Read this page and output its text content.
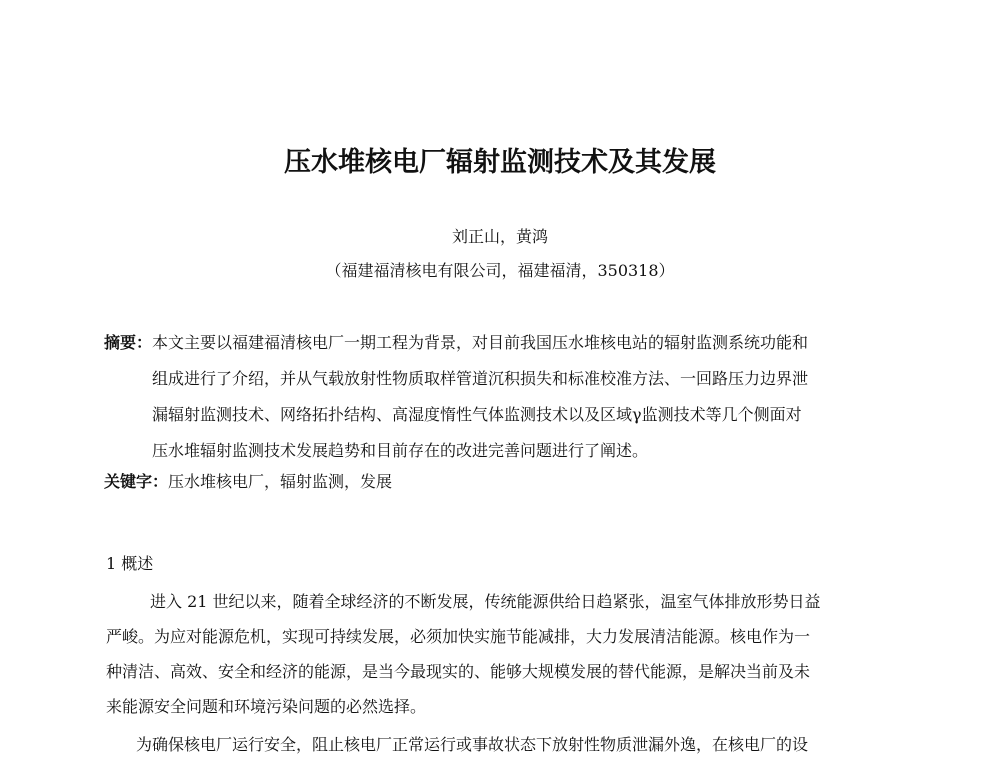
压水堆核电厂辐射监测技术及其发展
刘正山，黄鸿
（福建福清核电有限公司，福建福清，350318）
摘要：本文主要以福建福清核电厂一期工程为背景，对目前我国压水堆核电站的辐射监测系统功能和
组成进行了介绍，并从气载放射性物质取样管道沉积损失和标准校准方法、一回路压力边界泄
漏辐射监测技术、网络拓扑结构、高湿度惰性气体监测技术以及区域γ监测技术等几个侧面对
压水堆辐射监测技术发展趋势和目前存在的改进完善问题进行了阐述。
关键字：压水堆核电厂，辐射监测，发展
1 概述
进入 21 世纪以来，随着全球经济的不断发展，传统能源供给日趋紧张，温室气体排放形势日益
严峻。为应对能源危机，实现可持续发展，必须加快实施节能减排，大力发展清洁能源。核电作为一
种清洁、高效、安全和经济的能源，是当今最现实的、能够大规模发展的替代能源，是解决当前及未
来能源安全问题和环境污染问题的必然选择。
为确保核电厂运行安全，阻止核电厂正常运行或事故状态下放射性物质泄漏外逸，在核电厂的设
